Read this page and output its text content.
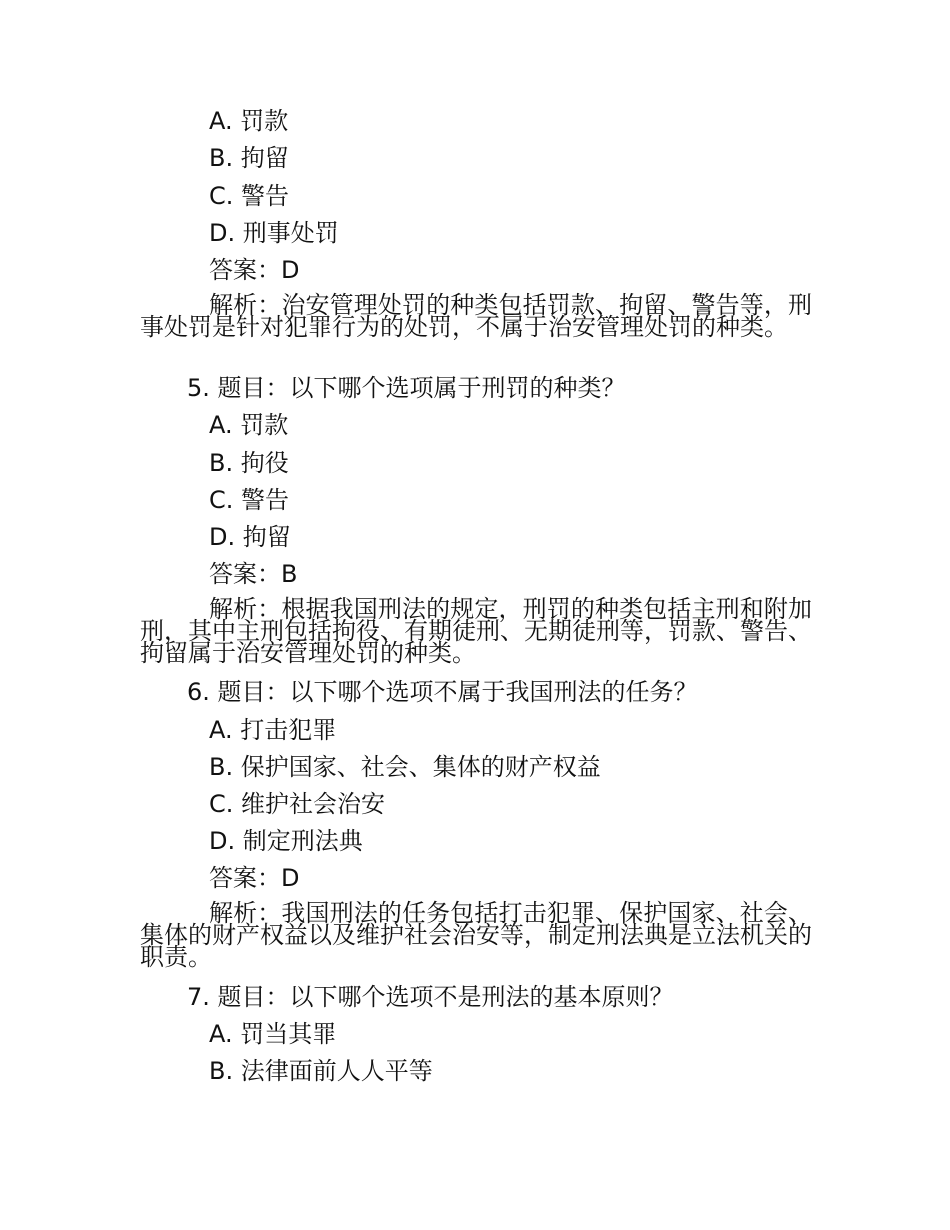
A. 罚款
B. 拘留
C. 警告
D. 刑事处罚
答案：D
解析：治安管理处罚的种类包括罚款、拘留、警告等，刑事处罚是针对犯罪行为的处罚，不属于治安管理处罚的种类。
5. 题目：以下哪个选项属于刑罚的种类？
A. 罚款
B. 拘役
C. 警告
D. 拘留
答案：B
解析：根据我国刑法的规定，刑罚的种类包括主刑和附加刑，其中主刑包括拘役、有期徒刑、无期徒刑等，罚款、警告、拘留属于治安管理处罚的种类。
6. 题目：以下哪个选项不属于我国刑法的任务？
A. 打击犯罪
B. 保护国家、社会、集体的财产权益
C. 维护社会治安
D. 制定刑法典
答案：D
解析：我国刑法的任务包括打击犯罪、保护国家、社会、集体的财产权益以及维护社会治安等，制定刑法典是立法机关的职责。
7. 题目：以下哪个选项不是刑法的基本原则？
A. 罚当其罪
B. 法律面前人人平等
